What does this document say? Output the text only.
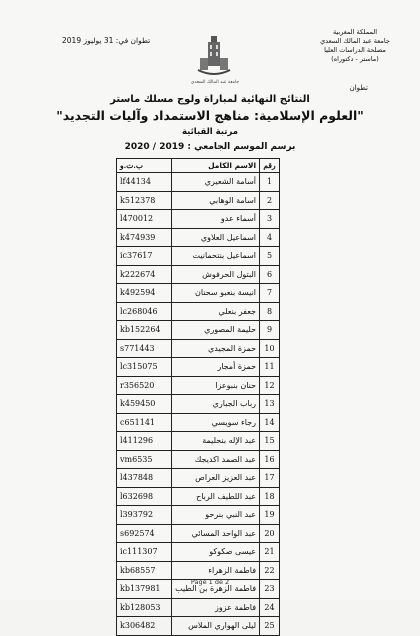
تطوان في: 31 يوليوز 2019
المملكة المغربية
جامعة عبد المالك السعدي
مصلحة الدراسات العليا
(ماستر - دكتوراه)
جامعة عبد المالك السعدي
تطوان
النتائج النهائية لمباراة ولوج مسلك ماستر
"العلوم الإسلامية: مناهج الاستمداد وآليات التجديد"
مرتبة القبائية
برسم الموسم الجامعي : 2019 / 2020
ب.ت.و	الاسم الكامل	رقم
lf44134	أسامة الشعيري	1
k512378	اسامة الوهابي	2
l470012	أسماء عدو	3
k474939	اسماعيل العلاوي	4
ic37617	اسماعيل بنتحمانيت	5
k222674	البتول الحرفوش	6
k492594	انيسة بنعبو سحنان	7
lc268046	جعفر بنعلي	8
kb152264	حليمة المصوري	9
s771443	حمزة المجيدي	10
lc315075	حمزة أمجار	11
r356520	حنان بنبوعزا	12
k459450	رباب الجباري	13
c651141	رجاء سويسي	14
l411296	عبد الإله بنحليمة	15
vm6535	عبد الصمد اكديجك	16
l437848	عبد العزيز العراص	17
l632698	عبد اللطيف الرباح	18
l393792	عبد النبي بنرحو	19
s692574	عبد الواحد المسائي	20
ic111307	عيسى صكوكو	21
kb68557	فاطمة الزهراء	22
kb137981	فاطمة الزهرة بن الطيب	23
kb128053	فاطمة عزوز	24
k306482	ليلى الهواري الملاس	25
Page 1 de 2
